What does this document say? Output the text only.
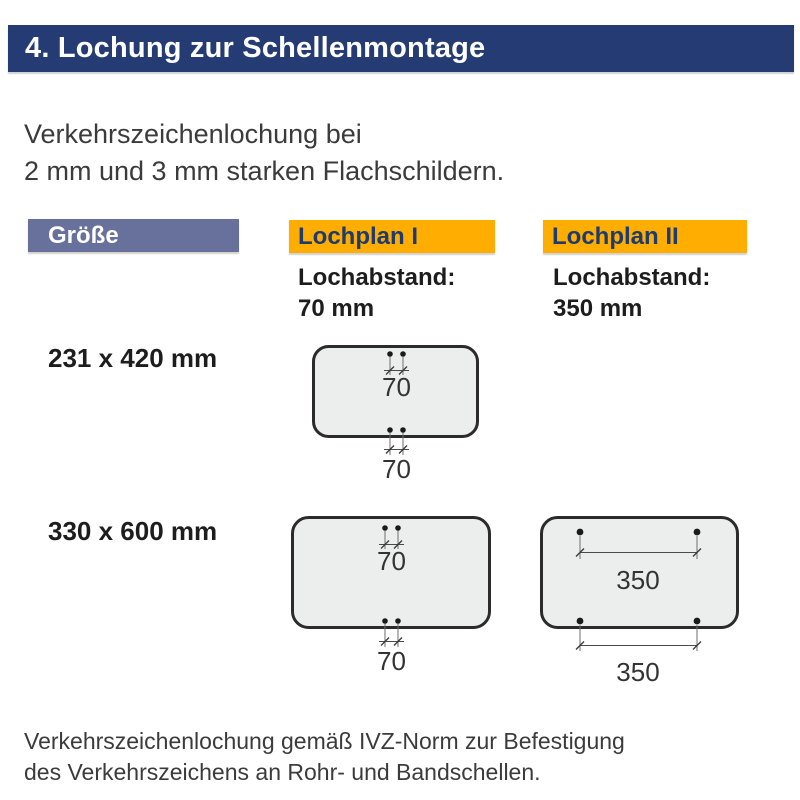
4. Lochung zur Schellenmontage

Verkehrszeichenlochung bei
2 mm und 3 mm starken Flachschildern.

Größe	Lochplan I	Lochplan II

Lochabstand:
70 mm

Lochabstand:
350 mm

231 x 420 mm
330 x 600 mm
70
70
70
70
350
350

Verkehrszeichenlochung gemäß IVZ-Norm zur Befestigung
des Verkehrszeichens an Rohr- und Bandschellen.
